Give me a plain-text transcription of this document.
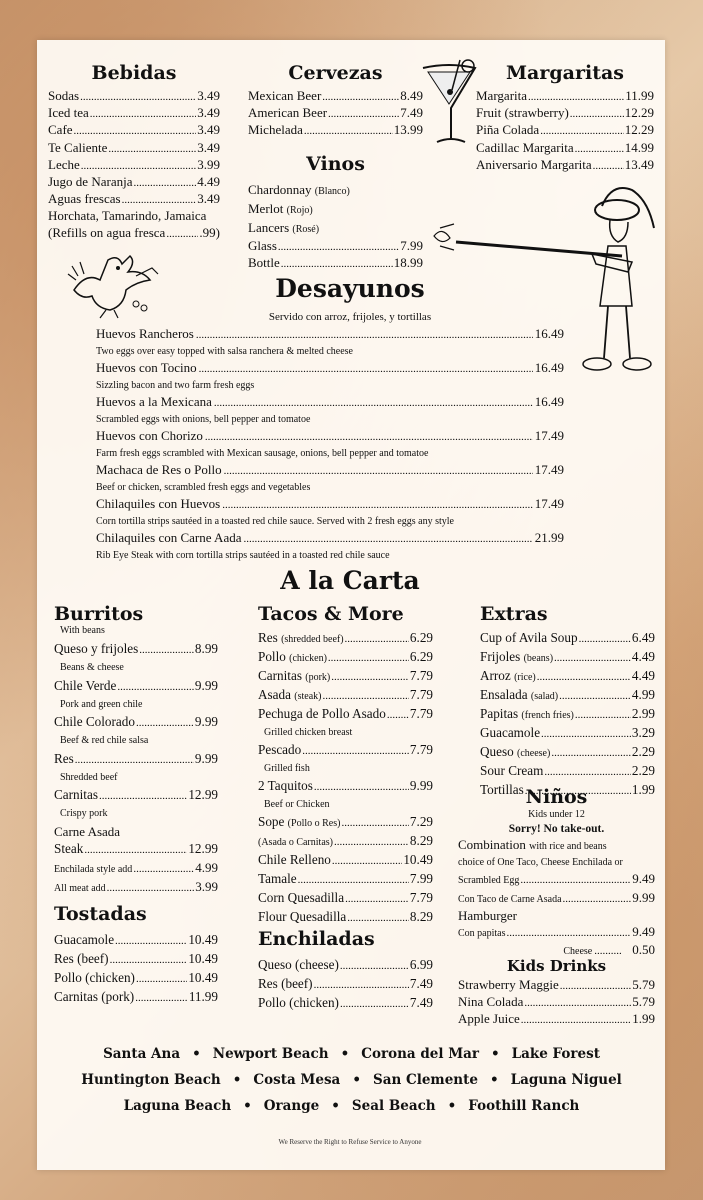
Bebidas
Sodas .....	3.49
Iced tea .....	3.49
Cafe .....	3.49
Te Caliente .....	3.49
Leche .....	3.99
Jugo de Naranja .....	4.49
Aguas frescas .....	3.49
Horchata, Tamarindo, Jamaica
(Refills on agua fresca .....	.99)
Cervezas
Mexican Beer .....	8.49
American Beer .....	7.49
Michelada .....	13.99
Vinos
Chardonnay (Blanco)
Merlot (Rojo)
Lancers (Rosé)
Glass .....	7.99
Bottle .....	18.99
Margaritas
Margarita .....	11.99
Fruit (strawberry) .....	12.29
Piña Colada .....	12.29
Cadillac Margarita .....	14.99
Aniversario Margarita .....	13.49
Desayunos
Servido con arroz, frijoles, y tortillas
Huevos Rancheros .....	16.49
Two eggs over easy topped with salsa ranchera & melted cheese
Huevos con Tocino .....	16.49
Sizzling bacon and two farm fresh eggs
Huevos a la Mexicana .....	16.49
Scrambled eggs with onions, bell pepper and tomatoe
Huevos con Chorizo .....	17.49
Farm fresh eggs scrambled with Mexican sausage, onions, bell pepper and tomatoe
Machaca de Res o Pollo .....	17.49
Beef or chicken, scrambled fresh eggs and vegetables
Chilaquiles con Huevos .....	17.49
Corn tortilla strips sautéed in a toasted red chile sauce. Served with 2 fresh eggs any style
Chilaquiles con Carne Aada .....	21.99
Rib Eye Steak with corn tortilla strips sautéed in a toasted red chile sauce
A la Carta
Burritos
With beans
Queso y frijoles .....	8.99
Beans & cheese
Chile Verde .....	9.99
Pork and green chile
Chile Colorado .....	9.99
Beef & red chile salsa
Res .....	9.99
Shredded beef
Carnitas .....	12.99
Crispy pork
Carne Asada
Steak .....	12.99
Enchilada style add .....	4.99
All meat add .....	3.99
Tostadas
Guacamole .....	10.49
Res (beef) .....	10.49
Pollo (chicken) .....	10.49
Carnitas (pork) .....	11.99
Tacos & More
Res (shredded beef) .....	6.29
Pollo (chicken) .....	6.29
Carnitas (pork) .....	7.79
Asada (steak) .....	7.79
Pechuga de Pollo Asado ..... 7.79
Grilled chicken breast
Pescado .....	7.79
Grilled fish
2 Taquitos .....	9.99
Beef or Chicken
Sope (Pollo o Res) .....	7.29
(Asada o Carnitas) .....	8.29
Chile Relleno .....	10.49
Tamale .....	7.99
Corn Quesadilla .....	7.79
Flour Quesadilla .....	8.29
Enchiladas
Queso (cheese) .....	6.99
Res (beef) .....	7.49
Pollo (chicken) .....	7.49
Extras
Cup of Avila Soup .....	6.49
Frijoles (beans) .....	4.49
Arroz (rice) .....	4.49
Ensalada (salad) .....	4.99
Papitas (french fries) .....	2.99
Guacamole .....	3.29
Queso (cheese) .....	2.29
Sour Cream .....	2.29
Tortillas .....	1.99
Niños
Kids under 12
Sorry! No take-out.
Combination with rice and beans
choice of One Taco, Cheese Enchilada or
Scrambled Egg .....	9.49
Con Taco de Carne Asada .....	9.99
Hamburger
Con papitas .....	9.49
Cheese .......... 0.50
Kids Drinks
Strawberry Maggie .....	5.79
Nina Colada .....	5.79
Apple Juice .....	1.99
Santa Ana • Newport Beach • Corona del Mar • Lake Forest
Huntington Beach • Costa Mesa • San Clemente • Laguna Niguel
Laguna Beach • Orange • Seal Beach • Foothill Ranch
We Reserve the Right to Refuse Service to Anyone
